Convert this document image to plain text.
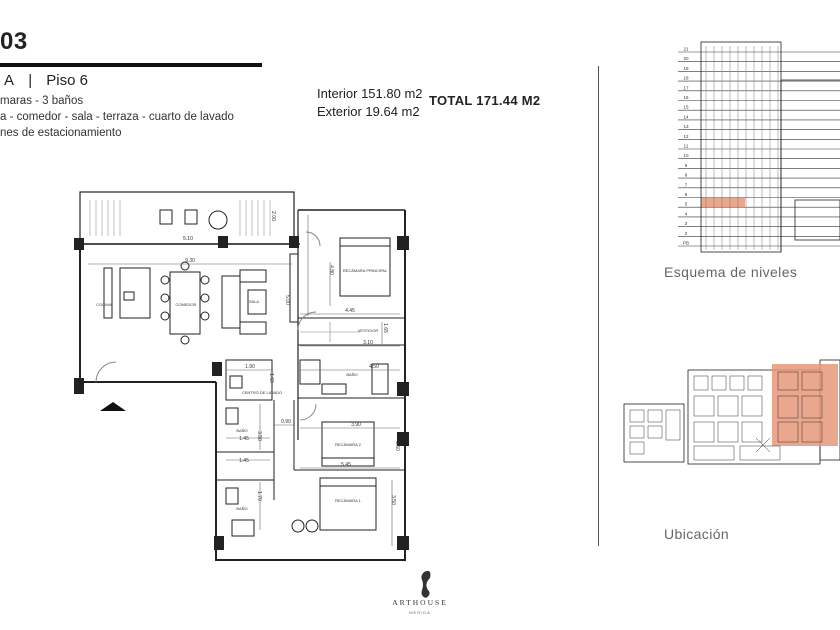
03
A | Piso 6
maras - 3 baños
a - comedor - sala - terraza - cuarto de lavado
nes de estacionamiento
Interior 151.80 m2
Exterior 19.64 m2
TOTAL 171.44 M2
COCINA	COMEDOR
SALA
RECÁMARA PRINCIPAL
VESTIDOR
BAÑO
CENTRO DE LAVADO
RECÁMARA 2
RECÁMARA 1
BAÑO
BAÑO
5.10
2.00
9.30
4.80
5.00
4.45
1.65
3.10
4.50
1.90
1.60
3.90
3.50
0.90
3.50
1.45
1.45
5.45
3.50
1.70
ARTHOUSE
MÉRIDA
21
20
19
18
17
16
15
14
13
12
11
10
9
8
7
6
5
4
3
2
PB
Esquema de niveles
Ubicación
